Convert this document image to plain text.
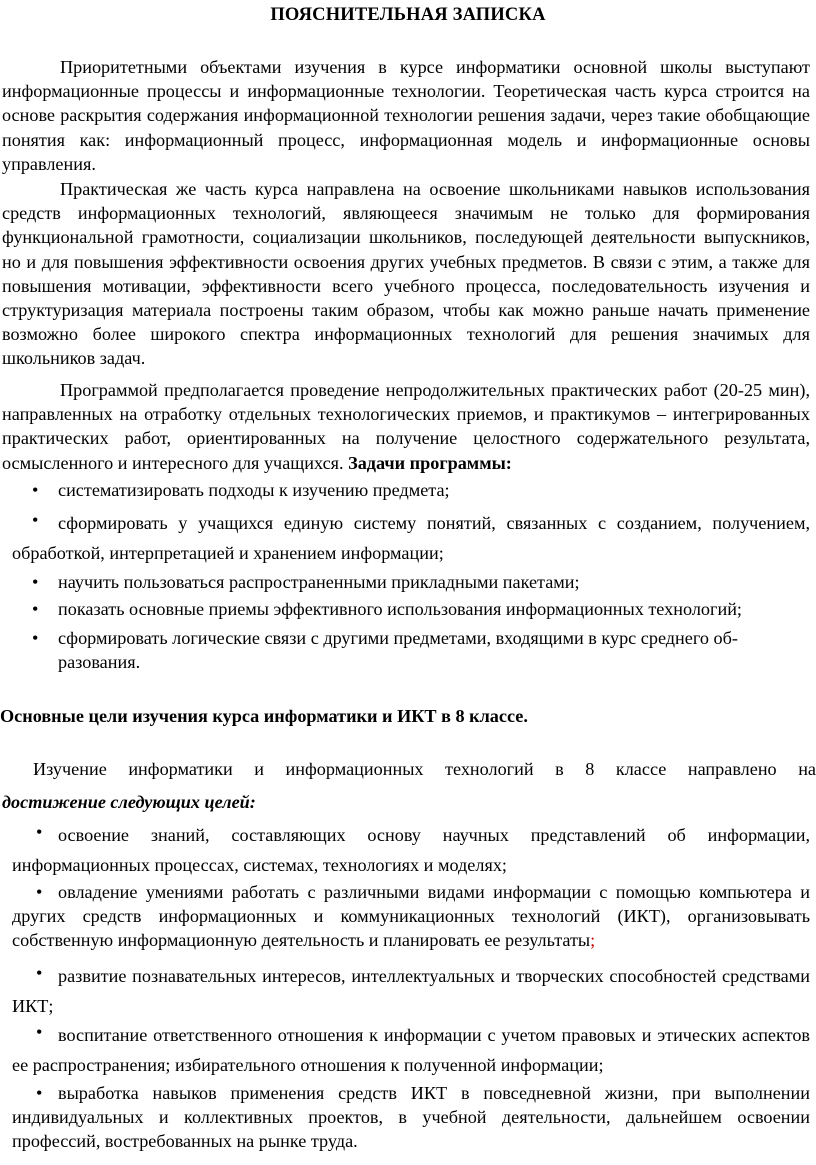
ПОЯСНИТЕЛЬНАЯ ЗАПИСКА
Приоритетными объектами изучения в курсе информатики основной школы выступают информационные процессы и информационные технологии. Теоретическая часть курса строится на основе раскрытия содержания информационной технологии решения задачи, через такие обобщающие понятия как: информационный процесс, информационная модель и информационные основы управления.
Практическая же часть курса направлена на освоение школьниками навыков использования средств информационных технологий, являющееся значимым не только для формирования функциональной грамотности, социализации школьников, последующей деятельности выпускников, но и для повышения эффективности освоения других учебных предметов. В связи с этим, а также для повышения мотивации, эффективности всего учебного процесса, последовательность изучения и структуризация материала построены таким образом, чтобы как можно раньше начать применение возможно более широкого спектра информационных технологий для решения значимых для школьников задач.
Программой предполагается проведение непродолжительных практических работ (20-25 мин), направленных на отработку отдельных технологических приемов, и практикумов – интегрированных практических работ, ориентированных на получение целостного содержательного результата, осмысленного и интересного для учащихся. Задачи программы:
•	систематизировать подходы к изучению предмета;
•	сформировать у учащихся единую систему понятий, связанных с созданием, получением, обработкой, интерпретацией и хранением информации;
•	научить пользоваться распространенными прикладными пакетами;
•	показать основные приемы эффективного использования информационных технологий;
•	сформировать логические связи с другими предметами, входящими в курс среднего об-разования.
Основные цели изучения курса информатики и ИКТ в 8 классе.
Изучение информатики и информационных технологий в 8 классе направлено на
достижение следующих целей:
• освоение знаний, составляющих основу научных представлений об информации, информационных процессах, системах, технологиях и моделях;
• овладение умениями работать с различными видами информации с помощью компьютера и других средств информационных и коммуникационных технологий (ИКТ), организовывать собственную информационную деятельность и планировать ее результаты;
• развитие познавательных интересов, интеллектуальных и творческих способностей средствами ИКТ;
• воспитание ответственного отношения к информации с учетом правовых и этических аспектов ее распространения; избирательного отношения к полученной информации;
• выработка навыков применения средств ИКТ в повседневной жизни, при выполнении индивидуальных и коллективных проектов, в учебной деятельности, дальнейшем освоении профессий, востребованных на рынке труда.
